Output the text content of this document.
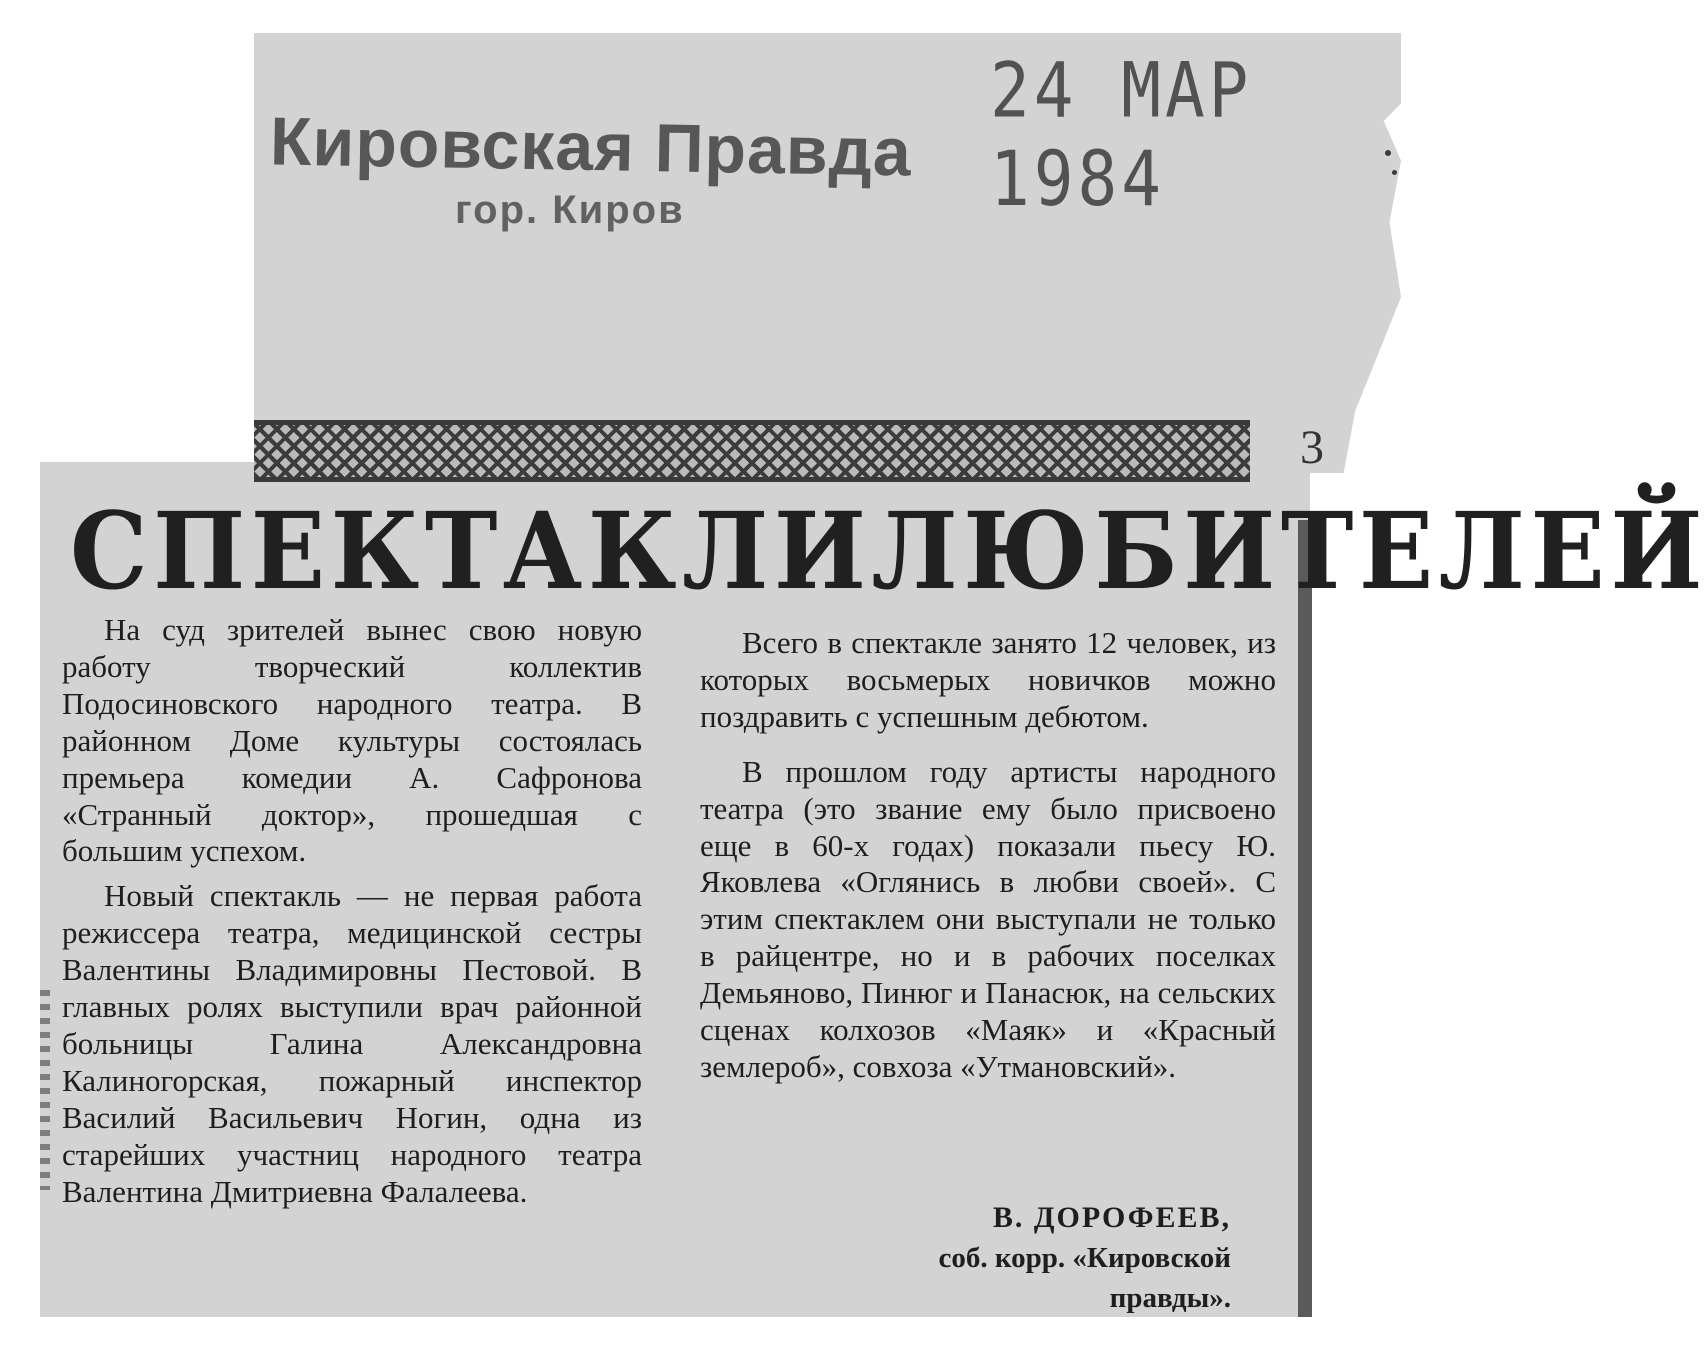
Кировская Правда
гор. Киров
24 МАР 1984
3
СПЕКТАКЛИ ЛЮБИТЕЛЕЙ

На суд зрителей вынес свою новую работу творческий коллектив Подосиновского народного театра. В районном Доме культуры состоялась премьера комедии А. Сафронова «Странный доктор», прошедшая с большим успехом.

Новый спектакль — не первая работа режиссера театра, медицинской сестры Валентины Владимировны Пестовой. В главных ролях выступили врач районной больницы Галина Александровна Калиногорская, пожарный инспектор Василий Васильевич Ногин, одна из старейших участниц народного театра Валентина Дмитриевна Фалалеева.

Всего в спектакле занято 12 человек, из которых восьмерых новичков можно поздравить с успешным дебютом.

В прошлом году артисты народного театра (это звание ему было присвоено еще в 60-х годах) показали пьесу Ю. Яковлева «Оглянись в любви своей». С этим спектаклем они выступали не только в райцентре, но и в рабочих поселках Демьяново, Пинюг и Панасюк, на сельских сценах колхозов «Маяк» и «Красный землероб», совхоза «Утмановский».

В. ДОРОФЕЕВ,
соб. корр. «Кировской
правды».
